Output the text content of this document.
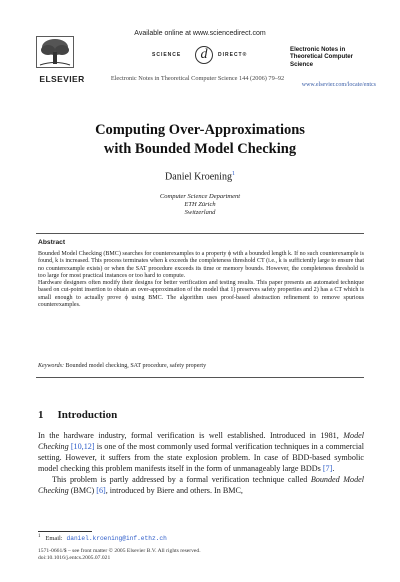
ELSEVIER
Available online at www.sciencedirect.com
SCIENCE	d	DIRECT®
Electronic Notes in Theoretical Computer Science
Electronic Notes in Theoretical Computer Science 144 (2006) 79–92
www.elsevier.com/locate/entcs
Computing Over-Approximations
with Bounded Model Checking
Daniel Kroening$^1$
Computer Science Department
ETH Zürich
Switzerland
Abstract

Bounded Model Checking (BMC) searches for counterexamples to a property ϕ with a bounded length k. If no such counterexample is found, k is increased. This process terminates when k exceeds the completeness threshold CT (i.e., k is sufficiently large to ensure that no counterexample exists) or when the SAT procedure exceeds its time or memory bounds. However, the completeness threshold is too large for most practical instances or too hard to compute.

Hardware designers often modify their designs for better verification and testing results. This paper presents an automated technique based on cut-point insertion to obtain an over-approximation of the model that 1) preserves safety properties and 2) has a CT which is small enough to actually prove ϕ using BMC. The algorithm uses proof-based abstraction refinement to remove spurious counterexamples.

Keywords: Bounded model checking, SAT procedure, safety property
1 Introduction

In the hardware industry, formal verification is well established. Introduced in 1981, Model Checking [10,12] is one of the most commonly used formal verification techniques in a commercial setting. However, it suffers from the state explosion problem. In case of BDD-based symbolic model checking this problem manifests itself in the form of unmanageably large BDDs [7].

This problem is partly addressed by a formal verification technique called Bounded Model Checking (BMC) [6], introduced by Biere and others. In BMC,

$^1$ Email: daniel.kroening@inf.ethz.ch
1571-0661/$ – see front matter © 2005 Elsevier B.V. All rights reserved.
doi:10.1016/j.entcs.2005.07.021
